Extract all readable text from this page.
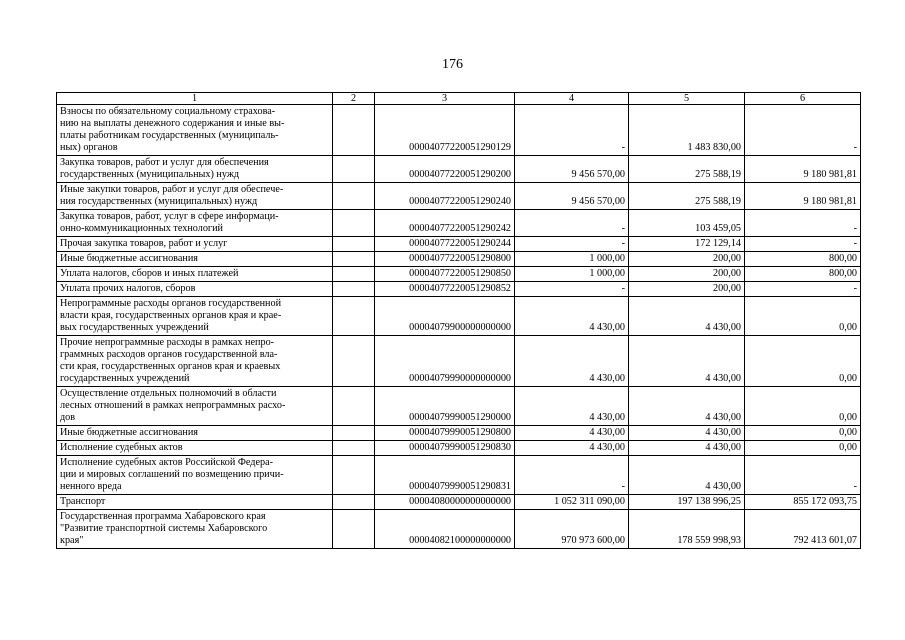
176
1	2	3	4	5	6
Взносы по обязательному социальному страхова-
нию на выплаты денежного содержания и иные вы-
платы работникам государственных (муниципаль-
ных) органов		00004077220051290129	-	1 483 830,00	-
Закупка товаров, работ и услуг для обеспечения
государственных (муниципальных) нужд		00004077220051290200	9 456 570,00	275 588,19	9 180 981,81
Иные закупки товаров, работ и услуг для обеспече-
ния государственных (муниципальных) нужд		00004077220051290240	9 456 570,00	275 588,19	9 180 981,81
Закупка товаров, работ, услуг в сфере информаци-
онно-коммуникационных технологий		00004077220051290242	-	103 459,05	-
Прочая закупка товаров, работ и услуг		00004077220051290244	-	172 129,14	-
Иные бюджетные ассигнования		00004077220051290800	1 000,00	200,00	800,00
Уплата налогов, сборов и иных платежей		00004077220051290850	1 000,00	200,00	800,00
Уплата прочих налогов, сборов		00004077220051290852	-	200,00	-
Непрограммные расходы органов государственной
власти края, государственных органов края и крае-
вых государственных учреждений		00004079900000000000	4 430,00	4 430,00	0,00
Прочие непрограммные расходы в рамках непро-
граммных расходов органов государственной вла-
сти края, государственных органов края и краевых
государственных учреждений		00004079990000000000	4 430,00	4 430,00	0,00
Осуществление отдельных полномочий в области
лесных отношений в рамках непрограммных расхо-
дов		00004079990051290000	4 430,00	4 430,00	0,00
Иные бюджетные ассигнования		00004079990051290800	4 430,00	4 430,00	0,00
Исполнение судебных актов		00004079990051290830	4 430,00	4 430,00	0,00
Исполнение судебных актов Российской Федера-
ции и мировых соглашений по возмещению причи-
ненного вреда		00004079990051290831	-	4 430,00	-
Транспорт		00004080000000000000	1 052 311 090,00	197 138 996,25	855 172 093,75
Государственная программа Хабаровского края
"Развитие транспортной системы Хабаровского
края"		00004082100000000000	970 973 600,00	178 559 998,93	792 413 601,07
